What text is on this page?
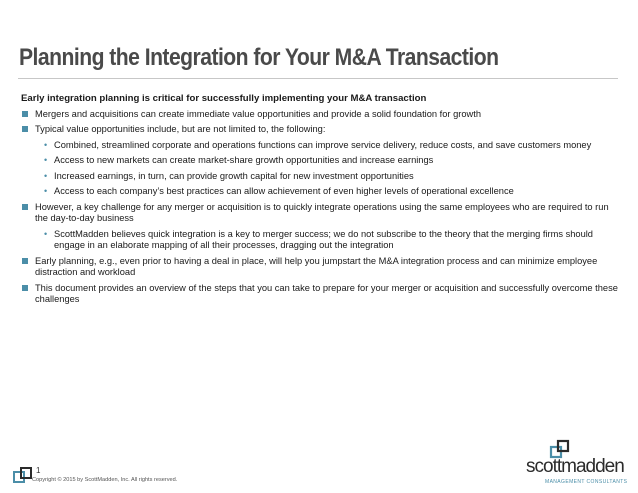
Planning the Integration for Your M&A Transaction

Early integration planning is critical for successfully implementing your M&A transaction

Mergers and acquisitions can create immediate value opportunities and provide a solid foundation for growth
Typical value opportunities include, but are not limited to, the following:
• Combined, streamlined corporate and operations functions can improve service delivery, reduce costs, and save customers money
• Access to new markets can create market-share growth opportunities and increase earnings
• Increased earnings, in turn, can provide growth capital for new investment opportunities
• Access to each company’s best practices can allow achievement of even higher levels of operational excellence
However, a key challenge for any merger or acquisition is to quickly integrate operations using the same employees who are required to run the day-to-day business
• ScottMadden believes quick integration is a key to merger success; we do not subscribe to the theory that the merging firms should engage in an elaborate mapping of all their processes, dragging out the integration
Early planning, e.g., even prior to having a deal in place, will help you jumpstart the M&A integration process and can minimize employee distraction and workload
This document provides an overview of the steps that you can take to prepare for your merger or acquisition and successfully overcome these challenges
1
Copyright © 2015 by ScottMadden, Inc. All rights reserved.
scottmadden
MANAGEMENT CONSULTANTS
